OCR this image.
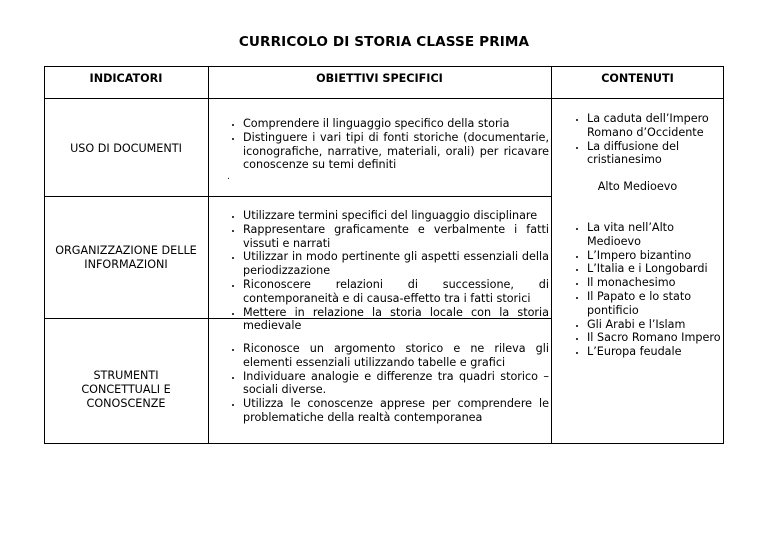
CURRICOLO DI STORIA CLASSE PRIMA
INDICATORI	OBIETTIVI SPECIFICI	CONTENUTI
USO DI DOCUMENTI
• Comprendere il linguaggio specifico della storia
• Distinguere i vari tipi di fonti storiche (documentarie, iconografiche, narrative, materiali, orali) per ricavare conoscenze su temi definiti
.
ORGANIZZAZIONE DELLE INFORMAZIONI
• Utilizzare termini specifici del linguaggio disciplinare
• Rappresentare graficamente e verbalmente i fatti vissuti e narrati
• Utilizzar in modo pertinente gli aspetti essenziali della periodizzazione
• Riconoscere relazioni di successione, di contemporaneità e di causa-effetto tra i fatti storici
• Mettere in relazione la storia locale con la storia medievale
STRUMENTI CONCETTUALI E CONOSCENZE
• Riconosce un argomento storico e ne rileva gli elementi essenziali utilizzando tabelle e grafici
• Individuare analogie e differenze tra quadri storico – sociali diverse.
• Utilizza le conoscenze apprese per comprendere le problematiche della realtà contemporanea
• La caduta dell’Impero Romano d’Occidente
• La diffusione del cristianesimo
Alto Medioevo
• La vita nell’Alto Medioevo
• L’Impero bizantino
• L’Italia e i Longobardi
• Il monachesimo
• Il Papato e lo stato pontificio
• Gli Arabi e l’Islam
• Il Sacro Romano Impero
• L’Europa feudale
